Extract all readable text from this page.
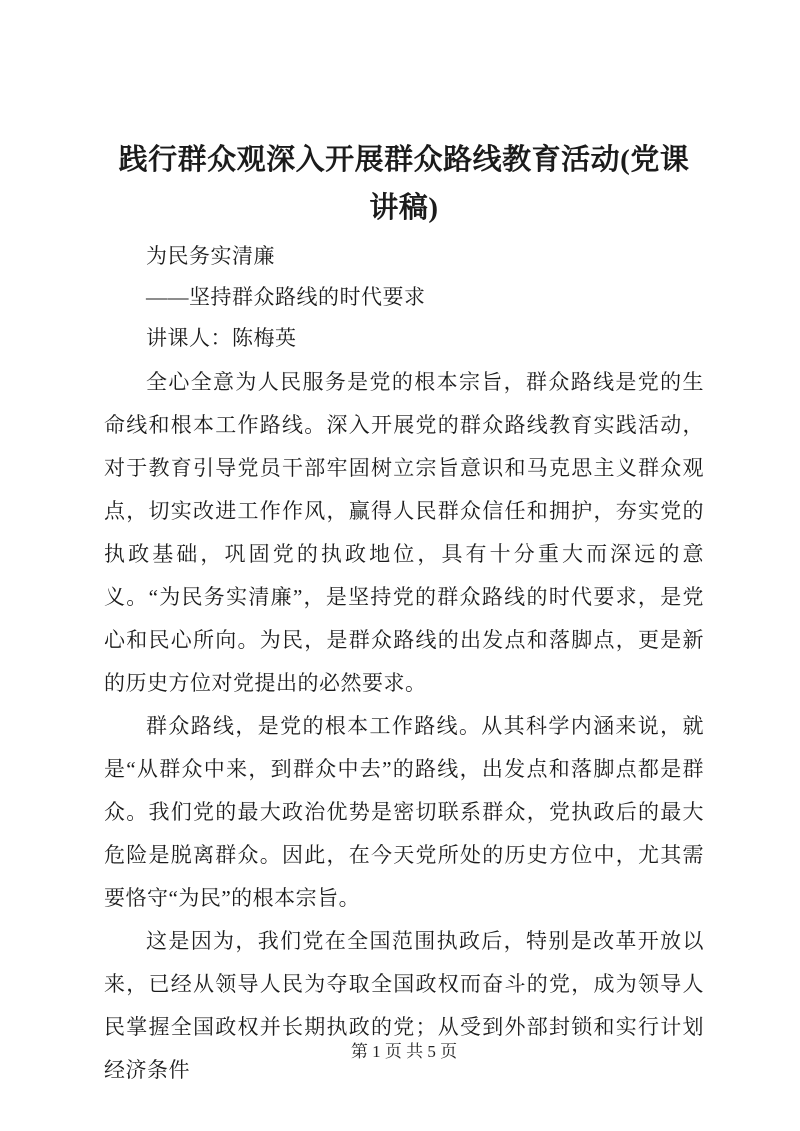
践行群众观深入开展群众路线教育活动(党课讲稿)
为民务实清廉
——坚持群众路线的时代要求
讲课人：陈梅英

全心全意为人民服务是党的根本宗旨，群众路线是党的生命线和根本工作路线。深入开展党的群众路线教育实践活动，对于教育引导党员干部牢固树立宗旨意识和马克思主义群众观点，切实改进工作作风，赢得人民群众信任和拥护，夯实党的执政基础，巩固党的执政地位，具有十分重大而深远的意义。“为民务实清廉”，是坚持党的群众路线的时代要求，是党心和民心所向。为民，是群众路线的出发点和落脚点，更是新的历史方位对党提出的必然要求。

群众路线，是党的根本工作路线。从其科学内涵来说，就是“从群众中来，到群众中去”的路线，出发点和落脚点都是群众。我们党的最大政治优势是密切联系群众，党执政后的最大危险是脱离群众。因此，在今天党所处的历史方位中，尤其需要恪守“为民”的根本宗旨。

这是因为，我们党在全国范围执政后，特别是改革开放以来，已经从领导人民为夺取全国政权而奋斗的党，成为领导人民掌握全国政权并长期执政的党；从受到外部封锁和实行计划经济条件

第 1 页 共 5 页
